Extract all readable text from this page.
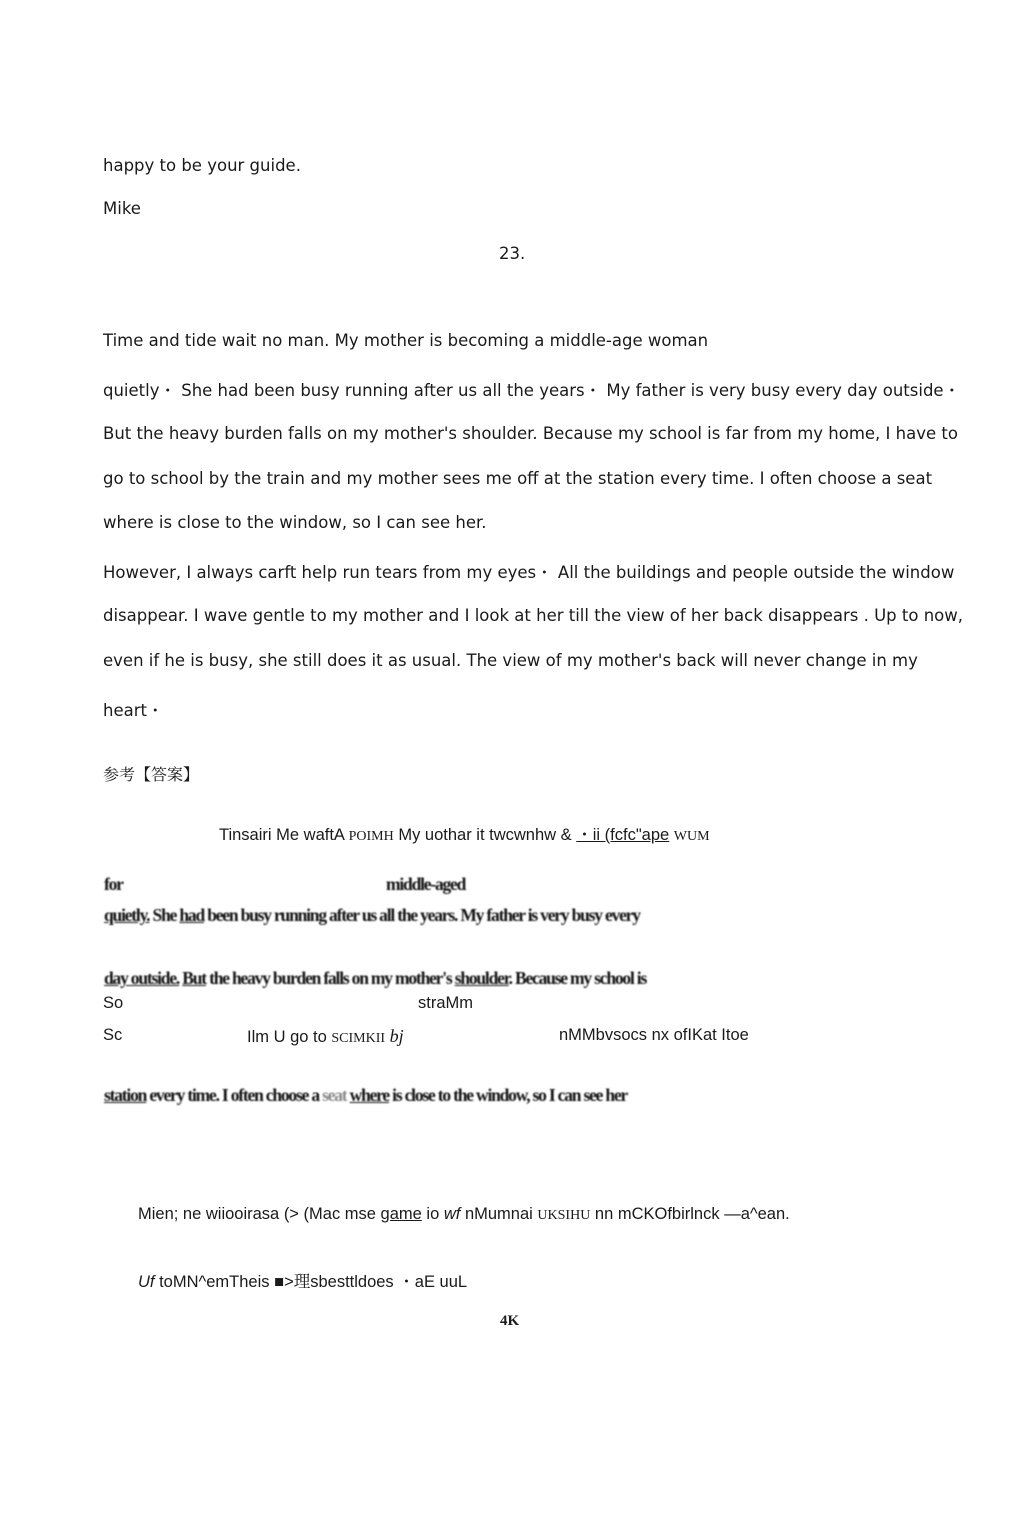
happy to be your guide.
Mike
23.
Time and tide wait no man. My mother is becoming a middle-age woman
quietly・ She had been busy running after us all the years・ My father is very busy every day outside・
But the heavy burden falls on my mother's shoulder. Because my school is far from my home, I have to
go to school by the train and my mother sees me off at the station every time. I often choose a seat
where is close to the window, so I can see her.
However, I always carft help run tears from my eyes・ All the buildings and people outside the window
disappear. I wave gentle to my mother and I look at her till the view of her back disappears . Up to now,
even if he is busy, she still does it as usual. The view of my mother's back will never change in my
heart・
参考【答案】
Tinsairi Me waftA POIMH My uothar it twcwnhw & ・ii (fcfc"ape WUM
for	middle-aged
quietly. She had been busy running after us all the years. My father is very busy every
day outside. But the heavy burden falls on my mother's shoulder. Because my school is
So	straMm
Sc	Ilm U go to SCIMKII bj	nMMbvsocs nx ofIKat Itoe
station every time. I often choose a seat where is close to the window, so I can see her
Mien; ne wiiooirasa (> (Mac mse game io wf nMumnai UKSIHU nn mCKOfbirlnck —a^ean.
Uf toMN^emTheis ■>理sbesttldoes ・aE uuL
4K
